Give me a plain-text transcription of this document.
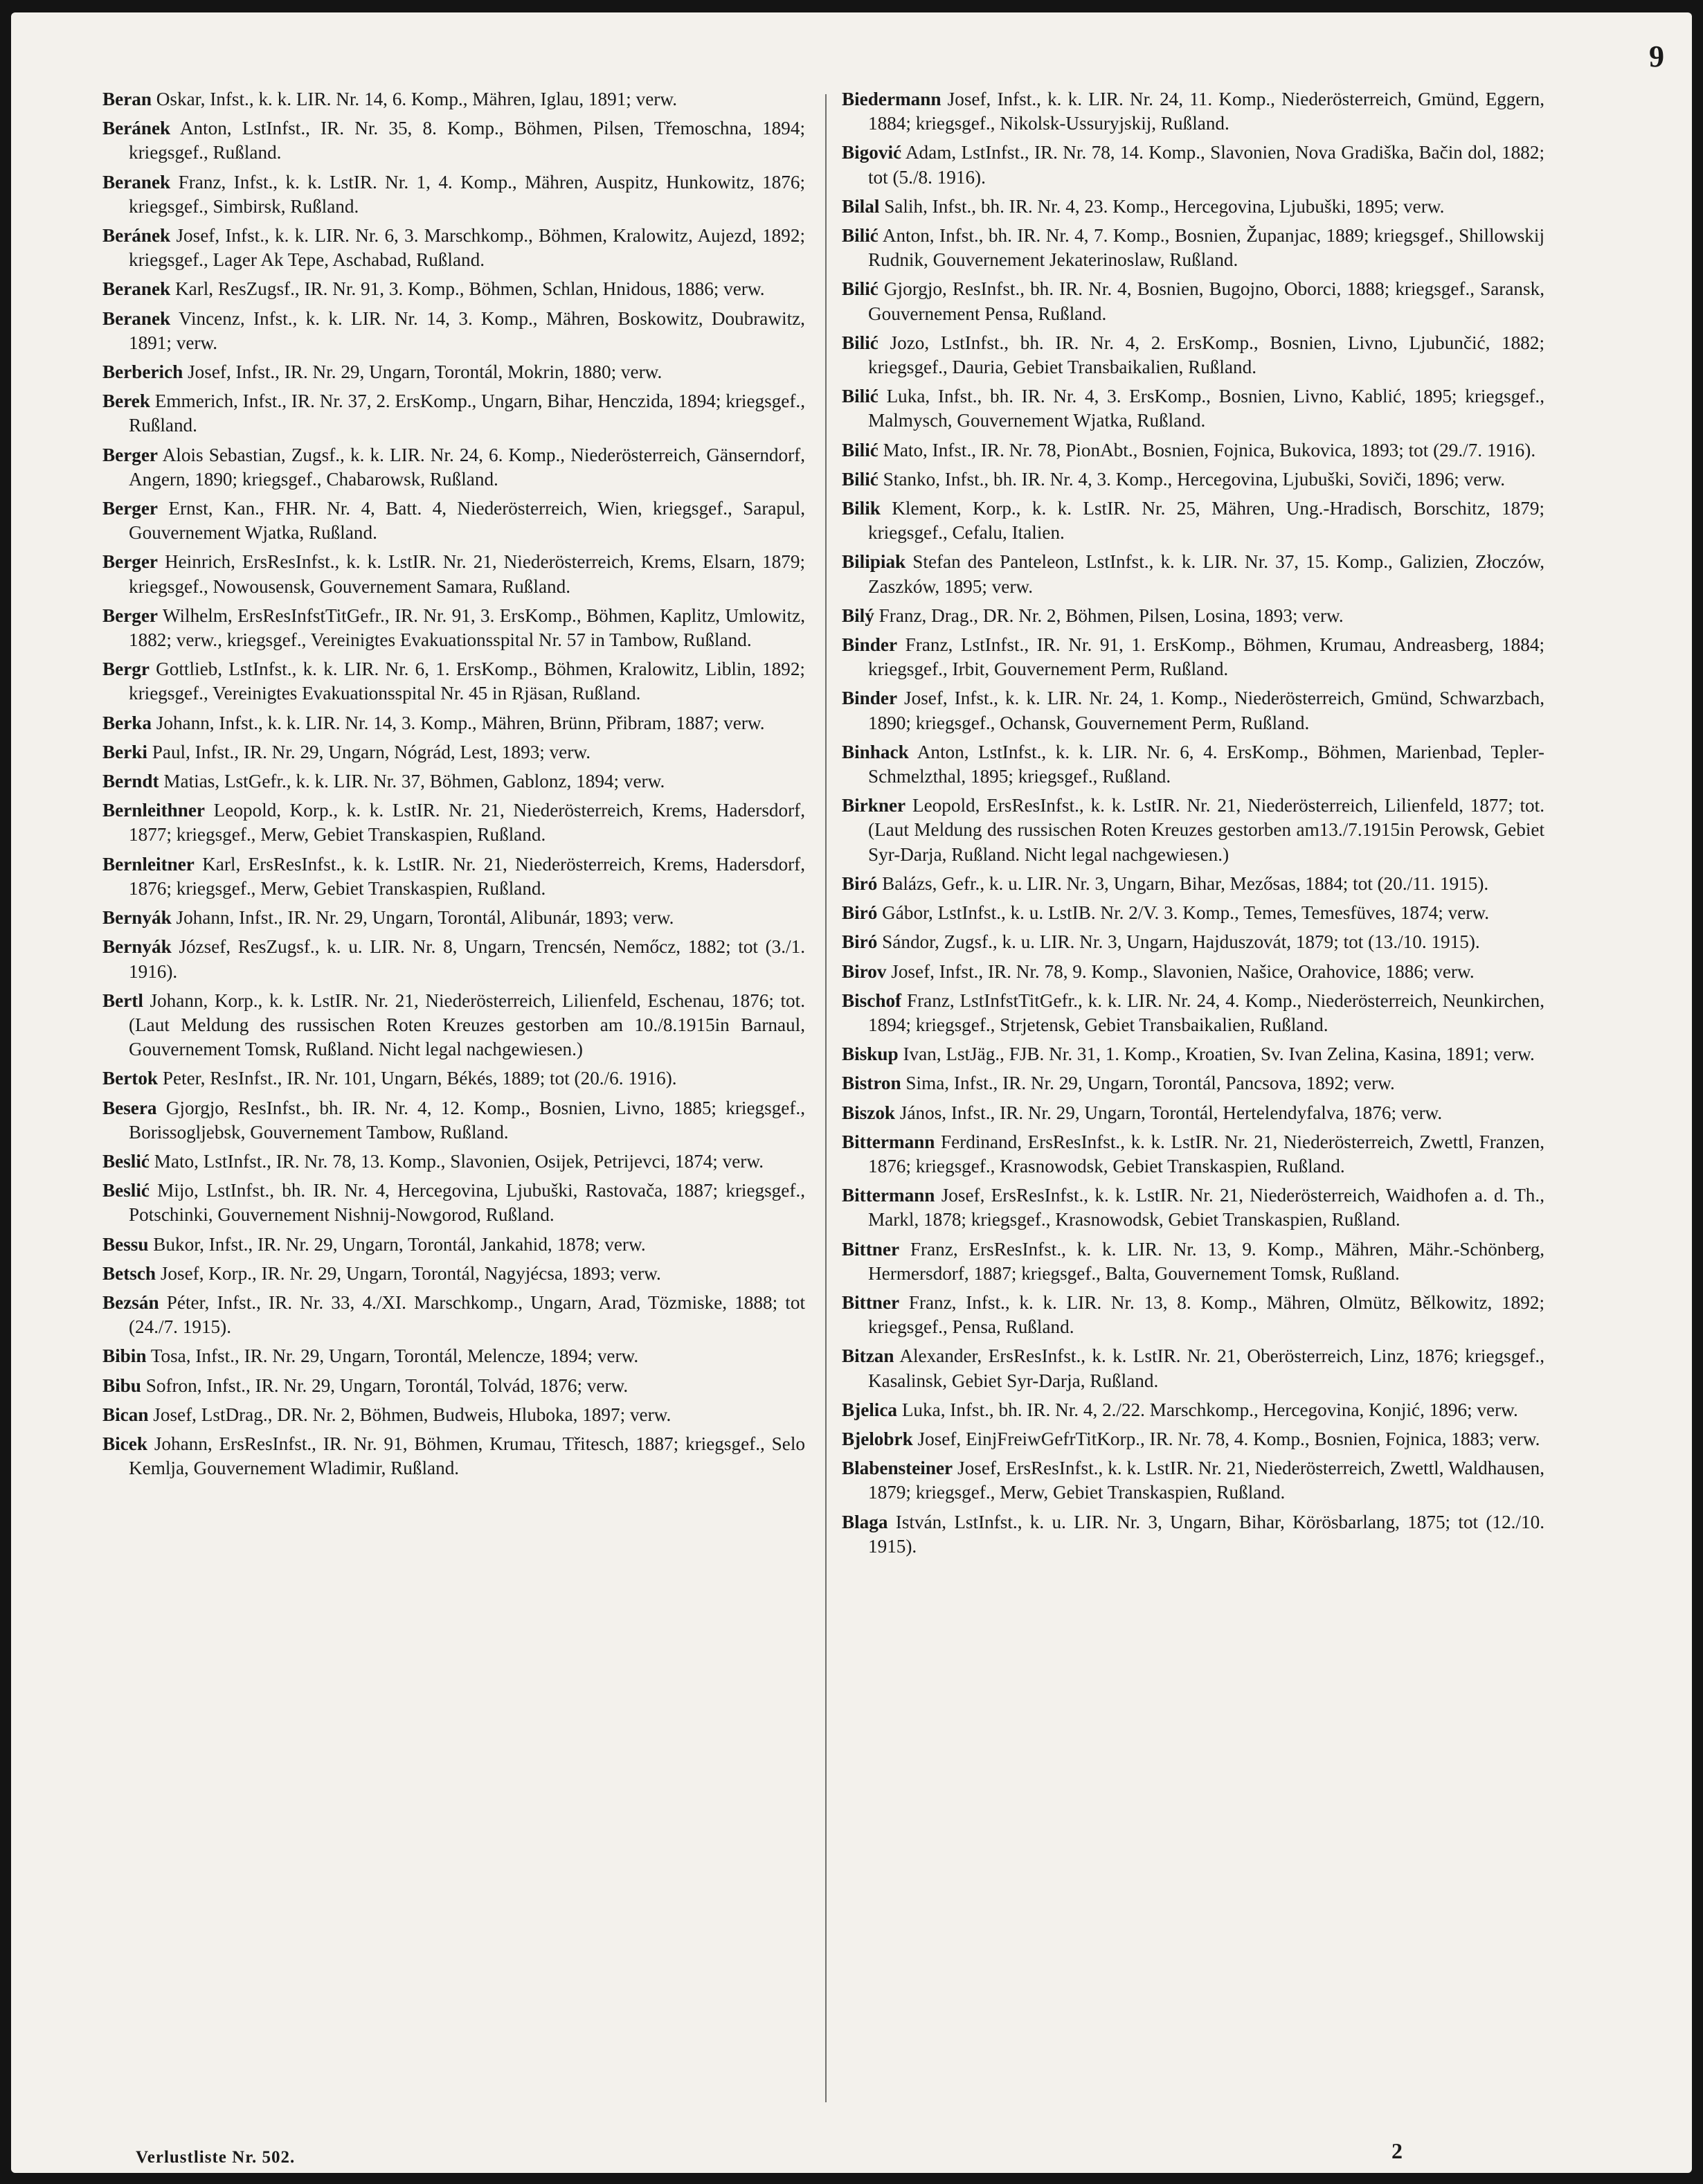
9

Beran Oskar, Infst., k. k. LIR. Nr. 14, 6. Komp., Mähren, Iglau, 1891; verw.

Beránek Anton, LstInfst., IR. Nr. 35, 8. Komp., Böhmen, Pilsen, Třemoschna, 1894; kriegsgef., Rußland.

Beranek Franz, Infst., k. k. LstIR. Nr. 1, 4. Komp., Mähren, Auspitz, Hunkowitz, 1876; kriegsgef., Simbirsk, Rußland.

Beránek Josef, Infst., k. k. LIR. Nr. 6, 3. Marschkomp., Böhmen, Kralowitz, Aujezd, 1892; kriegsgef., Lager Ak Tepe, Aschabad, Rußland.

Beranek Karl, ResZugsf., IR. Nr. 91, 3. Komp., Böhmen, Schlan, Hnidous, 1886; verw.

Beranek Vincenz, Infst., k. k. LIR. Nr. 14, 3. Komp., Mähren, Boskowitz, Doubrawitz, 1891; verw.

Berberich Josef, Infst., IR. Nr. 29, Ungarn, Torontál, Mokrin, 1880; verw.

Berek Emmerich, Infst., IR. Nr. 37, 2. ErsKomp., Ungarn, Bihar, Henczida, 1894; kriegsgef., Rußland.

Berger Alois Sebastian, Zugsf., k. k. LIR. Nr. 24, 6. Komp., Niederösterreich, Gänserndorf, Angern, 1890; kriegsgef., Chabarowsk, Rußland.

Berger Ernst, Kan., FHR. Nr. 4, Batt. 4, Niederösterreich, Wien, kriegsgef., Sarapul, Gouvernement Wjatka, Rußland.

Berger Heinrich, ErsResInfst., k. k. LstIR. Nr. 21, Niederösterreich, Krems, Elsarn, 1879; kriegsgef., Nowousensk, Gouvernement Samara, Rußland.

Berger Wilhelm, ErsResInfstTitGefr., IR. Nr. 91, 3. ErsKomp., Böhmen, Kaplitz, Umlowitz, 1882; verw., kriegsgef., Vereinigtes Evakuationsspital Nr. 57 in Tambow, Rußland.

Bergr Gottlieb, LstInfst., k. k. LIR. Nr. 6, 1. ErsKomp., Böhmen, Kralowitz, Liblin, 1892; kriegsgef., Vereinigtes Evakuationsspital Nr. 45 in Rjäsan, Rußland.

Berka Johann, Infst., k. k. LIR. Nr. 14, 3. Komp., Mähren, Brünn, Přibram, 1887; verw.

Berki Paul, Infst., IR. Nr. 29, Ungarn, Nógrád, Lest, 1893; verw.

Berndt Matias, LstGefr., k. k. LIR. Nr. 37, Böhmen, Gablonz, 1894; verw.

Bernleithner Leopold, Korp., k. k. LstIR. Nr. 21, Niederösterreich, Krems, Hadersdorf, 1877; kriegsgef., Merw, Gebiet Transkaspien, Rußland.

Bernleitner Karl, ErsResInfst., k. k. LstIR. Nr. 21, Niederösterreich, Krems, Hadersdorf, 1876; kriegsgef., Merw, Gebiet Transkaspien, Rußland.

Bernyák Johann, Infst., IR. Nr. 29, Ungarn, Torontál, Alibunár, 1893; verw.

Bernyák József, ResZugsf., k. u. LIR. Nr. 8, Ungarn, Trencsén, Nemőcz, 1882; tot (3./1. 1916).

Bertl Johann, Korp., k. k. LstIR. Nr. 21, Niederösterreich, Lilienfeld, Eschenau, 1876; tot. (Laut Meldung des russischen Roten Kreuzes gestorben am 10./8.1915in Barnaul, Gouvernement Tomsk, Rußland. Nicht legal nachgewiesen.)

Bertok Peter, ResInfst., IR. Nr. 101, Ungarn, Békés, 1889; tot (20./6. 1916).

Besera Gjorgjo, ResInfst., bh. IR. Nr. 4, 12. Komp., Bosnien, Livno, 1885; kriegsgef., Borissoglјebsk, Gouvernement Tambow, Rußland.

Beslić Mato, LstInfst., IR. Nr. 78, 13. Komp., Slavonien, Osijek, Petrijevci, 1874; verw.

Beslić Mijo, LstInfst., bh. IR. Nr. 4, Hercegovina, Ljubuški, Rastovača, 1887; kriegsgef., Potschinki, Gouvernement Nishnij-Nowgorod, Rußland.

Bessu Bukor, Infst., IR. Nr. 29, Ungarn, Torontál, Jankahid, 1878; verw.

Betsch Josef, Korp., IR. Nr. 29, Ungarn, Torontál, Nagyjécsa, 1893; verw.

Bezsán Péter, Infst., IR. Nr. 33, 4./XI. Marschkomp., Ungarn, Arad, Tözmiske, 1888; tot (24./7. 1915).

Bibin Tosa, Infst., IR. Nr. 29, Ungarn, Torontál, Melencze, 1894; verw.

Bibu Sofron, Infst., IR. Nr. 29, Ungarn, Torontál, Tolvád, 1876; verw.

Bican Josef, LstDrag., DR. Nr. 2, Böhmen, Budweis, Hluboka, 1897; verw.

Bicek Johann, ErsResInfst., IR. Nr. 91, Böhmen, Krumau, Třitesch, 1887; kriegsgef., Selo Kemlja, Gouvernement Wladimir, Rußland.

Biedermann Josef, Infst., k. k. LIR. Nr. 24, 11. Komp., Niederösterreich, Gmünd, Eggern, 1884; kriegsgef., Nikolsk-Ussuryjskij, Rußland.

Bigović Adam, LstInfst., IR. Nr. 78, 14. Komp., Slavonien, Nova Gradiška, Bačin dol, 1882; tot (5./8. 1916).

Bilal Salih, Infst., bh. IR. Nr. 4, 23. Komp., Hercegovina, Ljubuški, 1895; verw.

Bilić Anton, Infst., bh. IR. Nr. 4, 7. Komp., Bosnien, Županjac, 1889; kriegsgef., Shillowskij Rudnik, Gouvernement Jekaterinoslaw, Rußland.

Bilić Gjorgjo, ResInfst., bh. IR. Nr. 4, Bosnien, Bugojno, Oborci, 1888; kriegsgef., Saransk, Gouvernement Pensa, Rußland.

Bilić Jozo, LstInfst., bh. IR. Nr. 4, 2. ErsKomp., Bosnien, Livno, Ljubunčić, 1882; kriegsgef., Dauria, Gebiet Transbaikalien, Rußland.

Bilić Luka, Infst., bh. IR. Nr. 4, 3. ErsKomp., Bosnien, Livno, Kablić, 1895; kriegsgef., Malmysch, Gouvernement Wjatka, Rußland.

Bilić Mato, Infst., IR. Nr. 78, PionAbt., Bosnien, Fojnica, Bukovica, 1893; tot (29./7. 1916).

Bilić Stanko, Infst., bh. IR. Nr. 4, 3. Komp., Hercegovina, Ljubuški, Soviči, 1896; verw.

Bilik Klement, Korp., k. k. LstIR. Nr. 25, Mähren, Ung.-Hradisch, Borschitz, 1879; kriegsgef., Cefalu, Italien.

Bilipiak Stefan des Panteleon, LstInfst., k. k. LIR. Nr. 37, 15. Komp., Galizien, Złoczów, Zaszków, 1895; verw.

Bilý Franz, Drag., DR. Nr. 2, Böhmen, Pilsen, Losina, 1893; verw.

Binder Franz, LstInfst., IR. Nr. 91, 1. ErsKomp., Böhmen, Krumau, Andreasberg, 1884; kriegsgef., Irbit, Gouvernement Perm, Rußland.

Binder Josef, Infst., k. k. LIR. Nr. 24, 1. Komp., Niederösterreich, Gmünd, Schwarzbach, 1890; kriegsgef., Ochansk, Gouvernement Perm, Rußland.

Binhack Anton, LstInfst., k. k. LIR. Nr. 6, 4. ErsKomp., Böhmen, Marienbad, Tepler-Schmelzthal, 1895; kriegsgef., Rußland.

Birkner Leopold, ErsResInfst., k. k. LstIR. Nr. 21, Niederösterreich, Lilienfeld, 1877; tot. (Laut Meldung des russischen Roten Kreuzes gestorben am13./7.1915in Perowsk, Gebiet Syr-Darja, Rußland. Nicht legal nachgewiesen.)

Biró Balázs, Gefr., k. u. LIR. Nr. 3, Ungarn, Bihar, Mezősas, 1884; tot (20./11. 1915).

Biró Gábor, LstInfst., k. u. LstIB. Nr. 2/V. 3. Komp., Temes, Temesfüves, 1874; verw.

Biró Sándor, Zugsf., k. u. LIR. Nr. 3, Ungarn, Hajduszovát, 1879; tot (13./10. 1915).

Birov Josef, Infst., IR. Nr. 78, 9. Komp., Slavonien, Našice, Orahovice, 1886; verw.

Bischof Franz, LstInfstTitGefr., k. k. LIR. Nr. 24, 4. Komp., Niederösterreich, Neunkirchen, 1894; kriegsgef., Strjetensk, Gebiet Transbaikalien, Rußland.

Biskup Ivan, LstJäg., FJB. Nr. 31, 1. Komp., Kroatien, Sv. Ivan Zelina, Kasina, 1891; verw.

Bistron Sima, Infst., IR. Nr. 29, Ungarn, Torontál, Pancsova, 1892; verw.

Biszok János, Infst., IR. Nr. 29, Ungarn, Torontál, Hertelendyfalva, 1876; verw.

Bittermann Ferdinand, ErsResInfst., k. k. LstIR. Nr. 21, Niederösterreich, Zwettl, Franzen, 1876; kriegsgef., Krasnowodsk, Gebiet Transkaspien, Rußland.

Bittermann Josef, ErsResInfst., k. k. LstIR. Nr. 21, Niederösterreich, Waidhofen a. d. Th., Markl, 1878; kriegsgef., Krasnowodsk, Gebiet Transkaspien, Rußland.

Bittner Franz, ErsResInfst., k. k. LIR. Nr. 13, 9. Komp., Mähren, Mähr.-Schönberg, Hermersdorf, 1887; kriegsgef., Balta, Gouvernement Tomsk, Rußland.

Bittner Franz, Infst., k. k. LIR. Nr. 13, 8. Komp., Mähren, Olmütz, Bělkowitz, 1892; kriegsgef., Pensa, Rußland.

Bitzan Alexander, ErsResInfst., k. k. LstIR. Nr. 21, Oberösterreich, Linz, 1876; kriegsgef., Kasalinsk, Gebiet Syr-Darja, Rußland.

Bjelica Luka, Infst., bh. IR. Nr. 4, 2./22. Marschkomp., Hercegovina, Konjić, 1896; verw.

Bjelobrk Josef, EinjFreiwGefrTitKorp., IR. Nr. 78, 4. Komp., Bosnien, Fojnica, 1883; verw.

Blabensteiner Josef, ErsResInfst., k. k. LstIR. Nr. 21, Niederösterreich, Zwettl, Waldhausen, 1879; kriegsgef., Merw, Gebiet Transkaspien, Rußland.

Blaga István, LstInfst., k. u. LIR. Nr. 3, Ungarn, Bihar, Körösbarlang, 1875; tot (12./10. 1915).

Verlustliste Nr. 502.	2
